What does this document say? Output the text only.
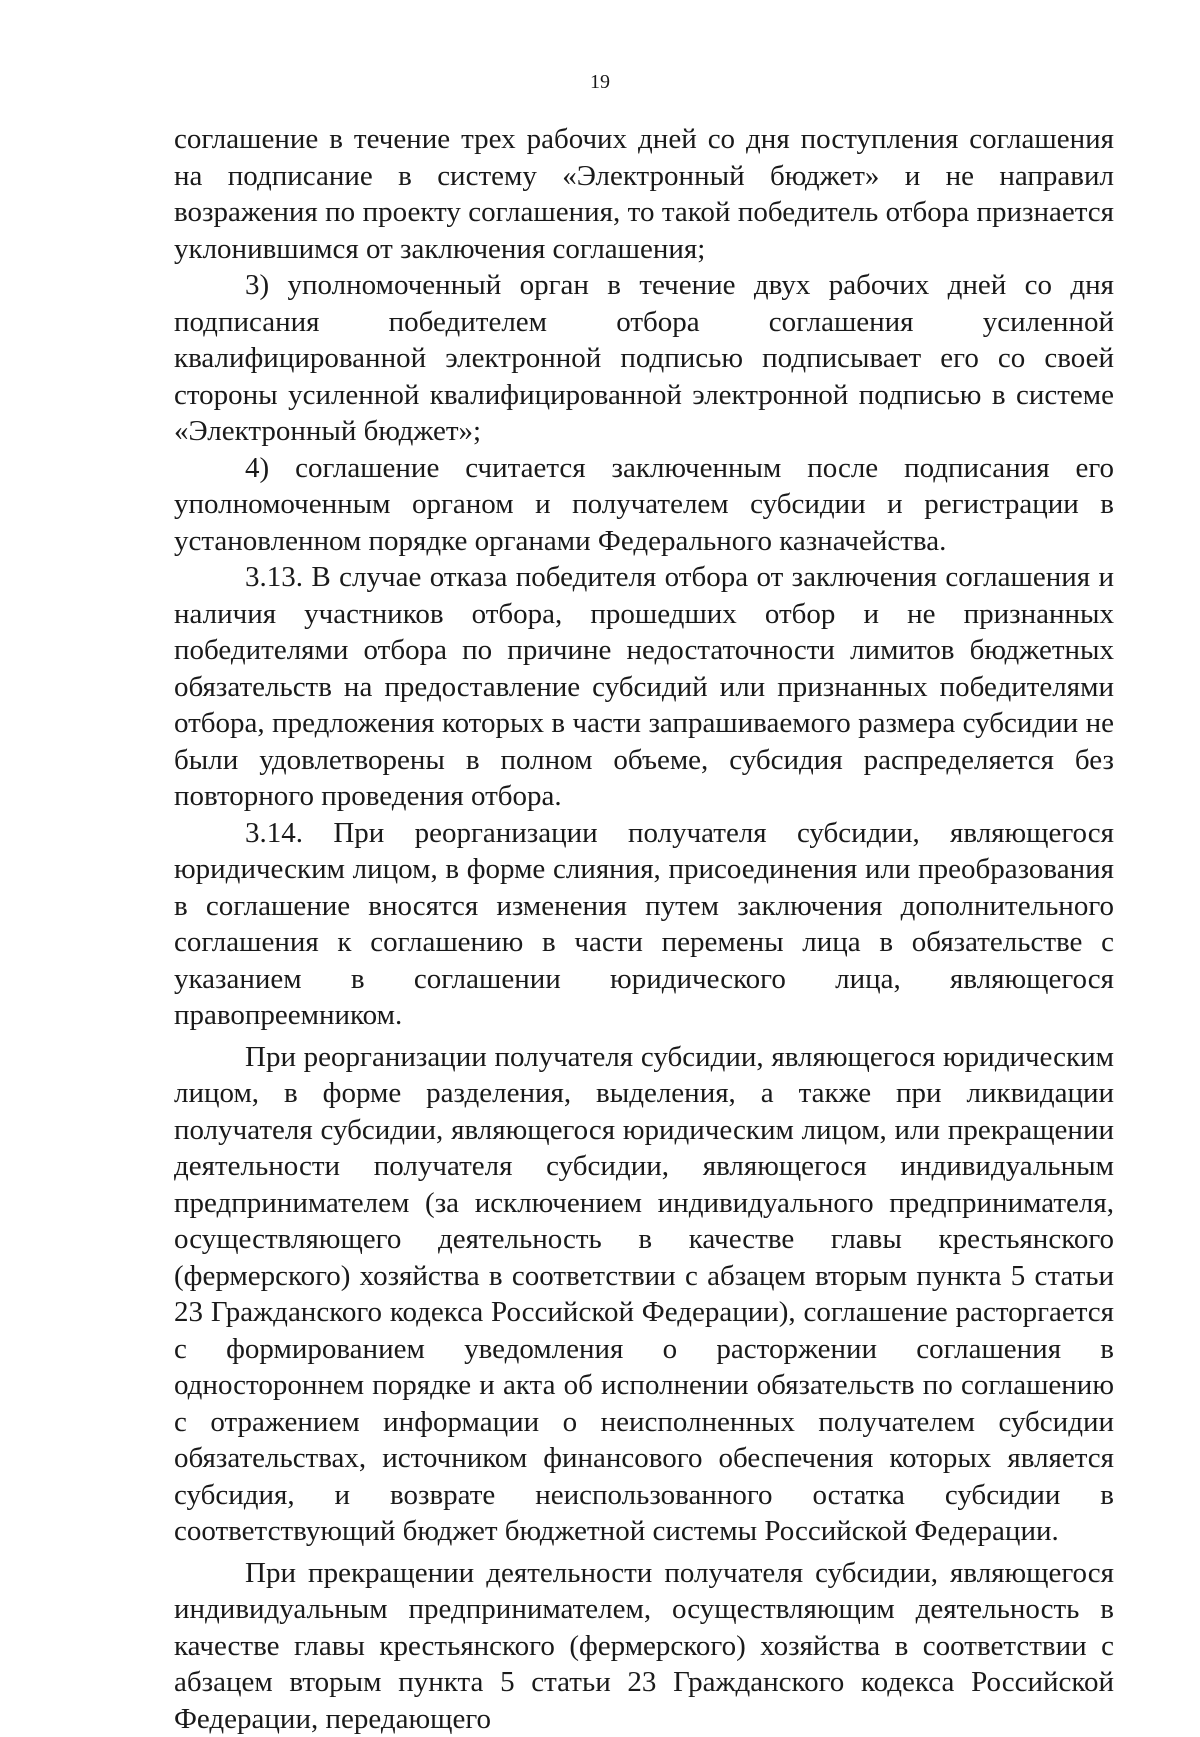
19

соглашение в течение трех рабочих дней со дня поступления соглашения на подписание в систему «Электронный бюджет» и не направил возражения по проекту соглашения, то такой победитель отбора признается уклонившимся от заключения соглашения;

3) уполномоченный орган в течение двух рабочих дней со дня подписания победителем отбора соглашения усиленной квалифицированной электронной подписью подписывает его со своей стороны усиленной квалифицированной электронной подписью в системе «Электронный бюджет»;

4) соглашение считается заключенным после подписания его уполномоченным органом и получателем субсидии и регистрации в установленном порядке органами Федерального казначейства.

3.13. В случае отказа победителя отбора от заключения соглашения и наличия участников отбора, прошедших отбор и не признанных победителями отбора по причине недостаточности лимитов бюджетных обязательств на предоставление субсидий или признанных победителями отбора, предложения которых в части запрашиваемого размера субсидии не были удовлетворены в полном объеме, субсидия распределяется без повторного проведения отбора.

3.14. При реорганизации получателя субсидии, являющегося юридическим лицом, в форме слияния, присоединения или преобразования в соглашение вносятся изменения путем заключения дополнительного соглашения к соглашению в части перемены лица в обязательстве с указанием в соглашении юридического лица, являющегося правопреемником.

При реорганизации получателя субсидии, являющегося юридическим лицом, в форме разделения, выделения, а также при ликвидации получателя субсидии, являющегося юридическим лицом, или прекращении деятельности получателя субсидии, являющегося индивидуальным предпринимателем (за исключением индивидуального предпринимателя, осуществляющего деятельность в качестве главы крестьянского (фермерского) хозяйства в соответствии с абзацем вторым пункта 5 статьи 23 Гражданского кодекса Российской Федерации), соглашение расторгается с формированием уведомления о расторжении соглашения в одностороннем порядке и акта об исполнении обязательств по соглашению с отражением информации о неисполненных получателем субсидии обязательствах, источником финансового обеспечения которых является субсидия, и возврате неиспользованного остатка субсидии в соответствующий бюджет бюджетной системы Российской Федерации.

При прекращении деятельности получателя субсидии, являющегося индивидуальным предпринимателем, осуществляющим деятельность в качестве главы крестьянского (фермерского) хозяйства в соответствии с абзацем вторым пункта 5 статьи 23 Гражданского кодекса Российской Федерации, передающего
